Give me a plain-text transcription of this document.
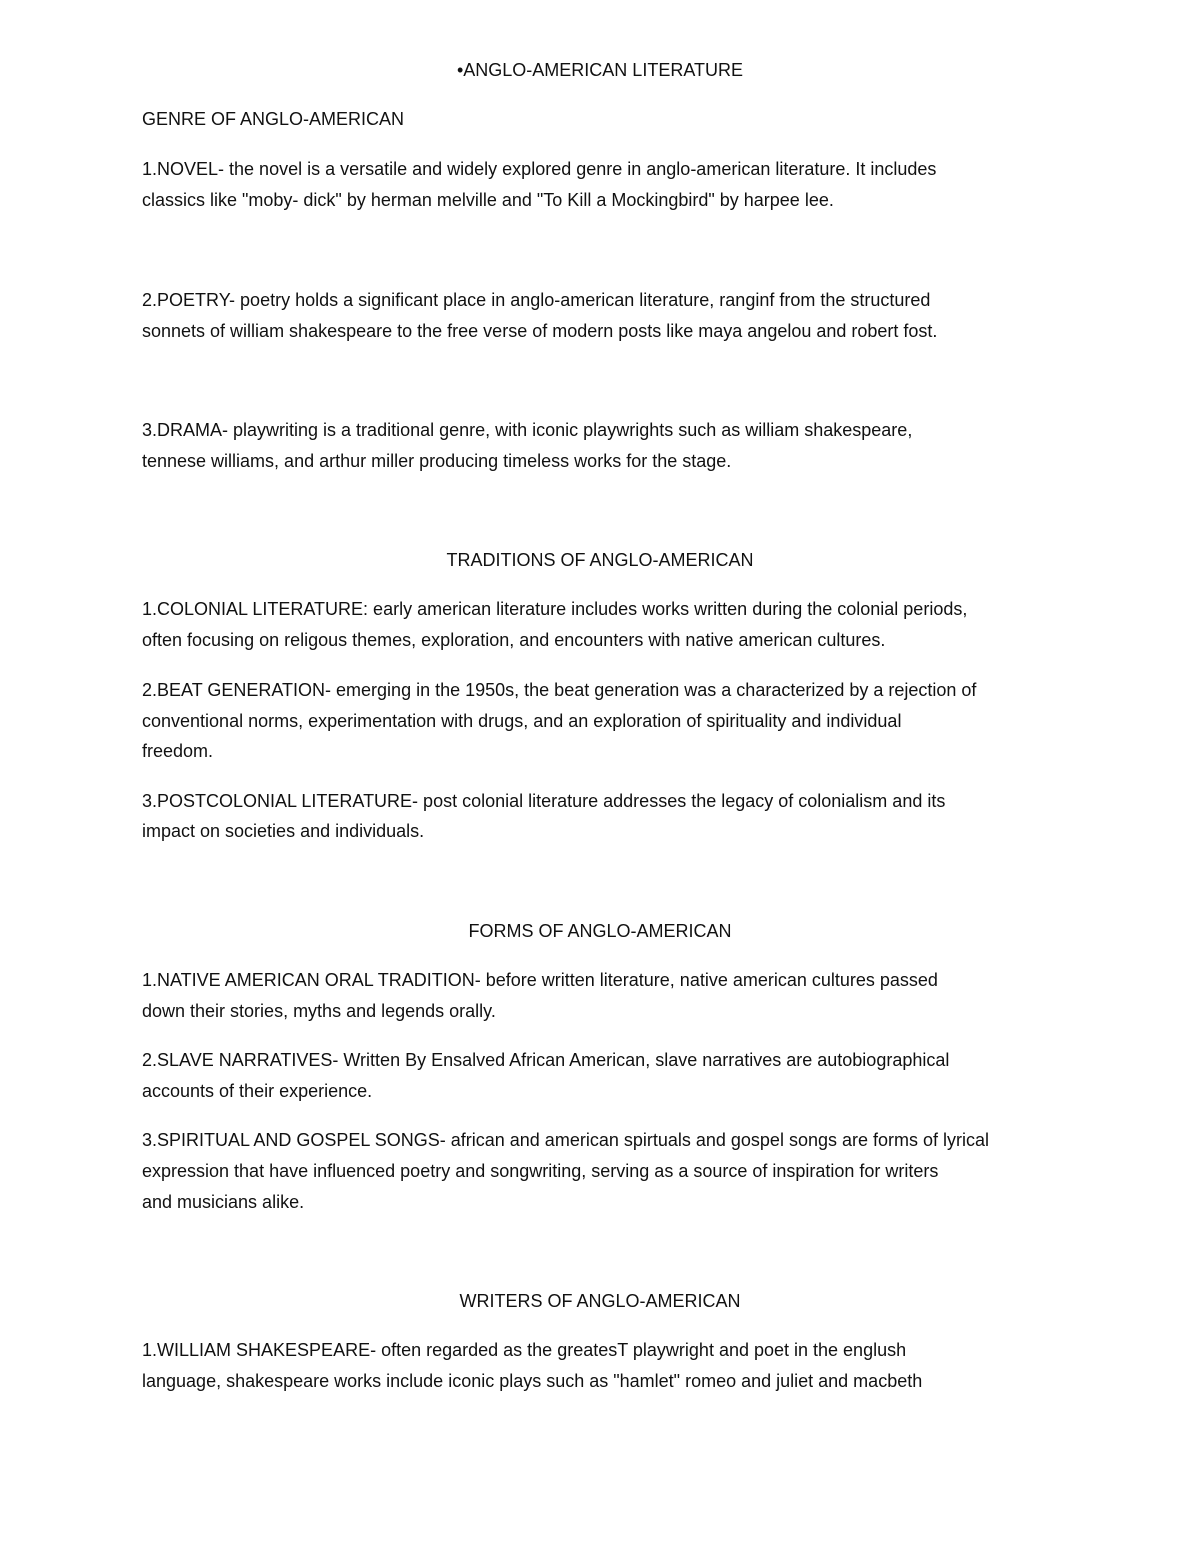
•ANGLO-AMERICAN LITERATURE
GENRE OF ANGLO-AMERICAN
1.NOVEL- the novel is a versatile and widely explored genre in anglo-american literature. It includes
classics like "moby- dick" by herman melville and "To Kill a Mockingbird" by harpee lee.
2.POETRY- poetry holds a significant place in anglo-american literature, ranginf from the structured
sonnets of william shakespeare to the free verse of modern posts like maya angelou and robert fost.
3.DRAMA- playwriting is a traditional genre, with iconic playwrights such as william shakespeare,
tennese williams, and arthur miller producing timeless works for the stage.
TRADITIONS OF ANGLO-AMERICAN
1.COLONIAL LITERATURE: early american literature includes works written during the colonial periods,
often focusing on religous themes, exploration, and encounters with native american cultures.
2.BEAT GENERATION- emerging in the 1950s, the beat generation was a characterized by a rejection of
conventional norms, experimentation with drugs, and an exploration of spirituality and individual
freedom.
3.POSTCOLONIAL LITERATURE- post colonial literature addresses the legacy of colonialism and its
impact on societies and individuals.
FORMS OF ANGLO-AMERICAN
1.NATIVE AMERICAN ORAL TRADITION- before written literature, native american cultures passed
down their stories, myths and legends orally.
2.SLAVE NARRATIVES- Written By Ensalved African American, slave narratives are autobiographical
accounts of their experience.
3.SPIRITUAL AND GOSPEL SONGS- african and american spirtuals and gospel songs are forms of lyrical
expression that have influenced poetry and songwriting, serving as a source of inspiration for writers
and musicians alike.
WRITERS OF ANGLO-AMERICAN
1.WILLIAM SHAKESPEARE- often regarded as the greatesT playwright and poet in the englush
language, shakespeare works include iconic plays such as "hamlet" romeo and juliet and macbeth
